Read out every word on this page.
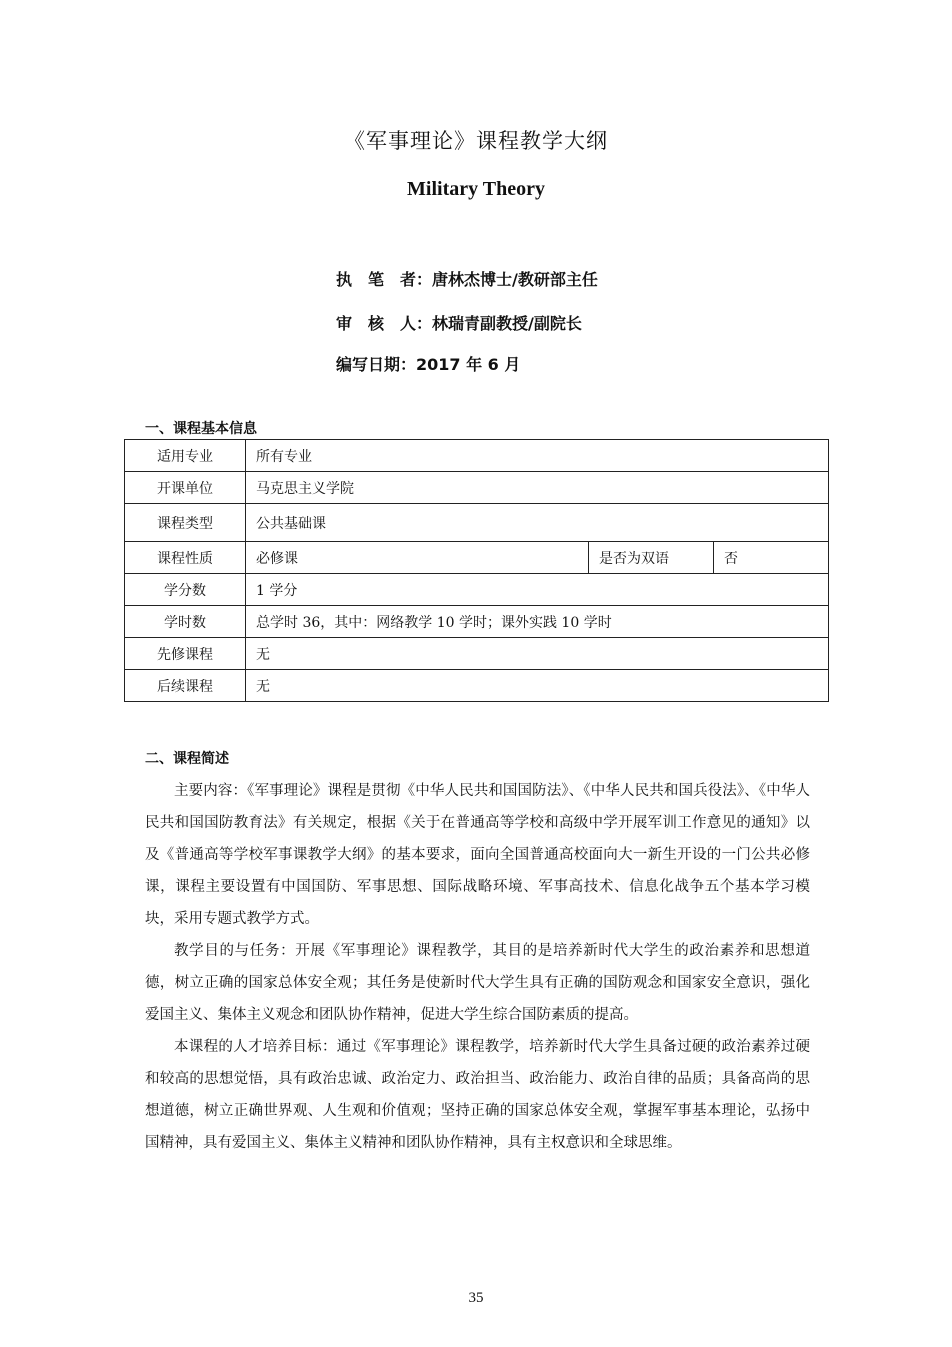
《军事理论》课程教学大纲
Military Theory
执　笔　者：唐林杰博士/教研部主任
审　核　人：林瑞青副教授/副院长
编写日期：2017 年 6 月
一、课程基本信息
适用专业	所有专业		
开课单位	马克思主义学院		
课程类型	公共基础课		
课程性质	必修课	是否为双语	否
学分数	1 学分		
学时数	总学时 36，其中：网络教学 10 学时；课外实践 10 学时		
先修课程	无		
后续课程	无		
二、课程简述

主要内容：《军事理论》课程是贯彻《中华人民共和国国防法》、《中华人民共和国兵役法》、《中华人民共和国国防教育法》有关规定，根据《关于在普通高等学校和高级中学开展军训工作意见的通知》以及《普通高等学校军事课教学大纲》的基本要求，面向全国普通高校面向大一新生开设的一门公共必修课，课程主要设置有中国国防、军事思想、国际战略环境、军事高技术、信息化战争五个基本学习模块，采用专题式教学方式。

教学目的与任务：开展《军事理论》课程教学，其目的是培养新时代大学生的政治素养和思想道德，树立正确的国家总体安全观；其任务是使新时代大学生具有正确的国防观念和国家安全意识，强化爱国主义、集体主义观念和团队协作精神，促进大学生综合国防素质的提高。

本课程的人才培养目标：通过《军事理论》课程教学，培养新时代大学生具备过硬的政治素养过硬和较高的思想觉悟，具有政治忠诚、政治定力、政治担当、政治能力、政治自律的品质；具备高尚的思想道德，树立正确世界观、人生观和价值观；坚持正确的国家总体安全观，掌握军事基本理论，弘扬中国精神，具有爱国主义、集体主义精神和团队协作精神，具有主权意识和全球思维。

35
